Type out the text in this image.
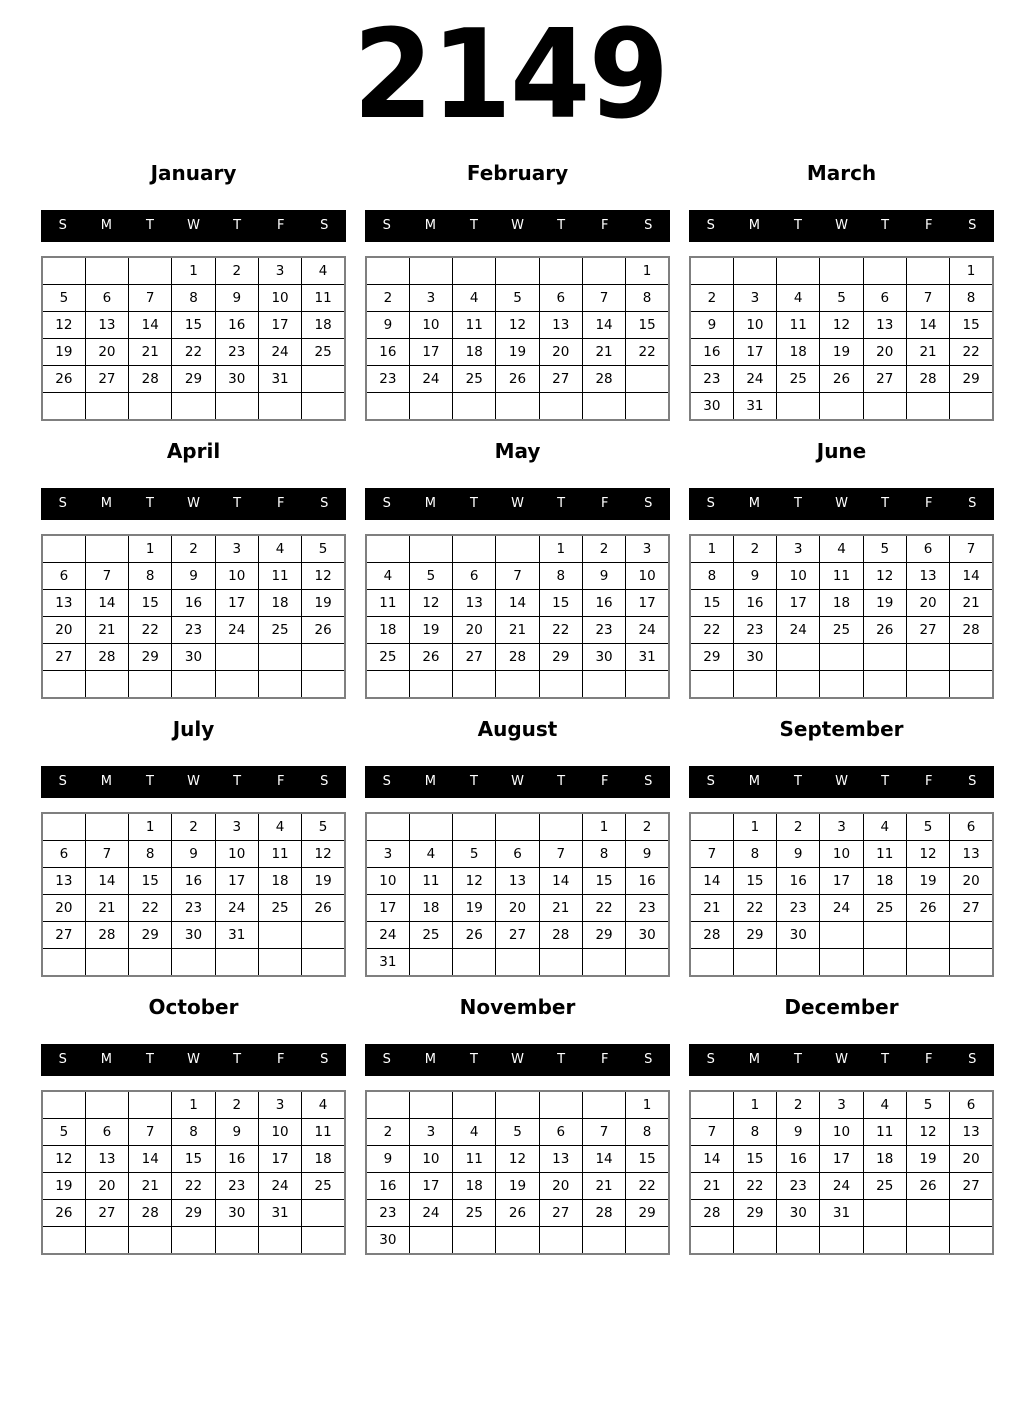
2149
January
S	M	T	W	T	F	S
			1	2	3	4
5	6	7	8	9	10	11
12	13	14	15	16	17	18
19	20	21	22	23	24	25
26	27	28	29	30	31	

February
S	M	T	W	T	F	S
						1
2	3	4	5	6	7	8
9	10	11	12	13	14	15
16	17	18	19	20	21	22
23	24	25	26	27	28	

March
S	M	T	W	T	F	S
						1
2	3	4	5	6	7	8
9	10	11	12	13	14	15
16	17	18	19	20	21	22
23	24	25	26	27	28	29
30	31					
April
S	M	T	W	T	F	S
		1	2	3	4	5
6	7	8	9	10	11	12
13	14	15	16	17	18	19
20	21	22	23	24	25	26
27	28	29	30			

May
S	M	T	W	T	F	S
				1	2	3
4	5	6	7	8	9	10
11	12	13	14	15	16	17
18	19	20	21	22	23	24
25	26	27	28	29	30	31

June
S	M	T	W	T	F	S
1	2	3	4	5	6	7
8	9	10	11	12	13	14
15	16	17	18	19	20	21
22	23	24	25	26	27	28
29	30					

July
S	M	T	W	T	F	S
		1	2	3	4	5
6	7	8	9	10	11	12
13	14	15	16	17	18	19
20	21	22	23	24	25	26
27	28	29	30	31		

August
S	M	T	W	T	F	S
					1	2
3	4	5	6	7	8	9
10	11	12	13	14	15	16
17	18	19	20	21	22	23
24	25	26	27	28	29	30
31						
September
S	M	T	W	T	F	S
	1	2	3	4	5	6
7	8	9	10	11	12	13
14	15	16	17	18	19	20
21	22	23	24	25	26	27
28	29	30				

October
S	M	T	W	T	F	S
			1	2	3	4
5	6	7	8	9	10	11
12	13	14	15	16	17	18
19	20	21	22	23	24	25
26	27	28	29	30	31	

November
S	M	T	W	T	F	S
						1
2	3	4	5	6	7	8
9	10	11	12	13	14	15
16	17	18	19	20	21	22
23	24	25	26	27	28	29
30						
December
S	M	T	W	T	F	S
	1	2	3	4	5	6
7	8	9	10	11	12	13
14	15	16	17	18	19	20
21	22	23	24	25	26	27
28	29	30	31			
